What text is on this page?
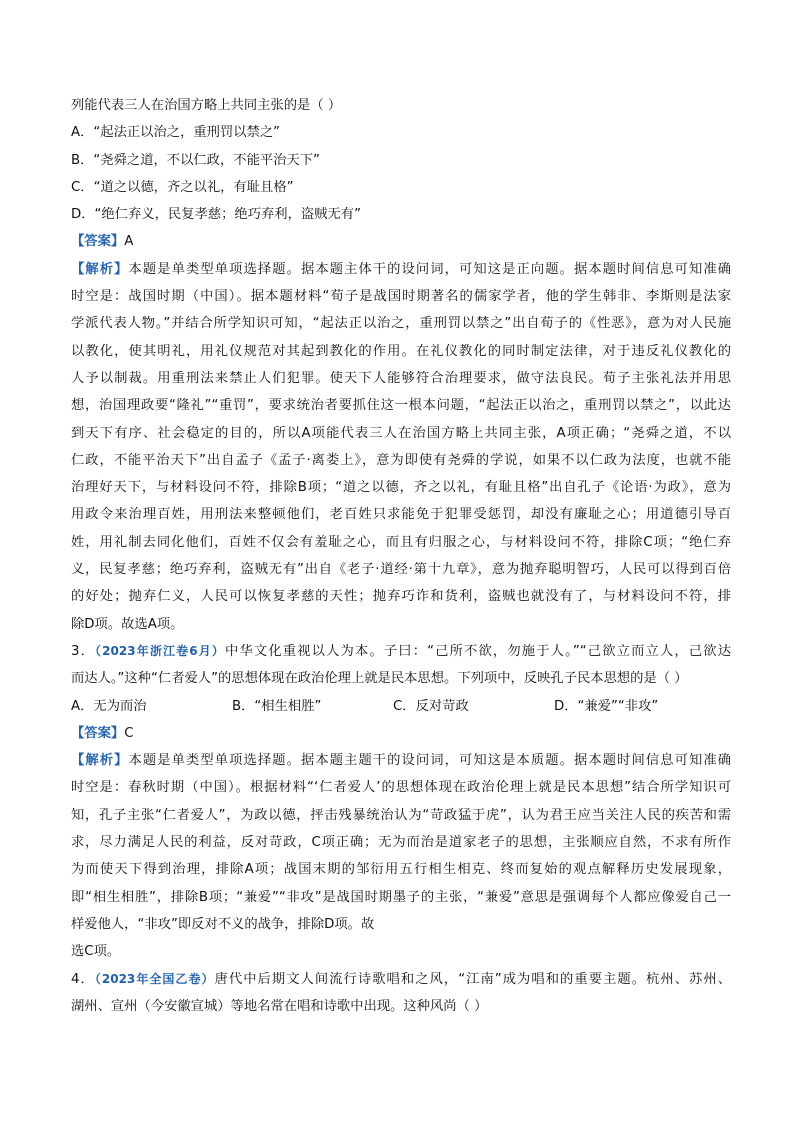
列能代表三人在治国方略上共同主张的是（ ）
A．“起法正以治之，重刑罚以禁之”
B．“尧舜之道，不以仁政，不能平治天下”
C．“道之以德，齐之以礼，有耻且格”
D．“绝仁弃义，民复孝慈；绝巧弃利，盗贼无有”
【答案】A
【解析】本题是单类型单项选择题。据本题主体干的设问词，可知这是正向题。据本题时间信息可知准确
时空是：战国时期（中国）。据本题材料“荀子是战国时期著名的儒家学者，他的学生韩非、李斯则是法家
学派代表人物。”并结合所学知识可知，“起法正以治之，重刑罚以禁之”出自荀子的《性恶》，意为对人民施
以教化，使其明礼，用礼仪规范对其起到教化的作用。在礼仪教化的同时制定法律，对于违反礼仪教化的
人予以制裁。用重刑法来禁止人们犯罪。使天下人能够符合治理要求，做守法良民。荀子主张礼法并用思
想，治国理政要“隆礼”“重罚”，要求统治者要抓住这一根本问题，“起法正以治之，重刑罚以禁之”，以此达
到天下有序、社会稳定的目的，所以A项能代表三人在治国方略上共同主张，A项正确；“尧舜之道，不以
仁政，不能平治天下”出自孟子《孟子·离娄上》，意为即使有尧舜的学说，如果不以仁政为法度，也就不能
治理好天下，与材料设问不符，排除B项；“道之以德，齐之以礼，有耻且格”出自孔子《论语·为政》，意为
用政令来治理百姓，用刑法来整顿他们，老百姓只求能免于犯罪受惩罚，却没有廉耻之心；用道德引导百
姓，用礼制去同化他们，百姓不仅会有羞耻之心，而且有归服之心，与材料设问不符，排除C项；“绝仁弃
义，民复孝慈；绝巧弃利，盗贼无有”出自《老子·道经·第十九章》，意为抛弃聪明智巧，人民可以得到百倍
的好处；抛弃仁义，人民可以恢复孝慈的天性；抛弃巧诈和货利，盗贼也就没有了，与材料设问不符，排
除D项。故选A项。
3．（2023年浙江卷6月）中华文化重视以人为本。子曰：“己所不欲，勿施于人。”“己欲立而立人，己欲达
而达人。”这种“仁者爱人”的思想体现在政治伦理上就是民本思想。下列项中，反映孔子民本思想的是（ ）
A．无为而治	B．“相生相胜”	C．反对苛政	D．“兼爱”“非攻”
【答案】C
【解析】本题是单类型单项选择题。据本题主题干的设问词，可知这是本质题。据本题时间信息可知准确
时空是：春秋时期（中国）。根据材料“‘仁者爱人’的思想体现在政治伦理上就是民本思想”结合所学知识可
知，孔子主张“仁者爱人”，为政以德，抨击残暴统治认为“苛政猛于虎”，认为君王应当关注人民的疾苦和需
求，尽力满足人民的利益，反对苛政，C项正确；无为而治是道家老子的思想，主张顺应自然，不求有所作
为而使天下得到治理，排除A项；战国末期的邹衍用五行相生相克、终而复始的观点解释历史发展现象，
即“相生相胜”，排除B项；“兼爱”“非攻”是战国时期墨子的主张，“兼爱”意思是强调每个人都应像爱自己一
样爱他人，“非攻”即反对不义的战争，排除D项。故
选C项。
4．（2023年全国乙卷）唐代中后期文人间流行诗歌唱和之风，“江南”成为唱和的重要主题。杭州、苏州、
湖州、宣州（今安徽宣城）等地名常在唱和诗歌中出现。这种风尚（ ）
